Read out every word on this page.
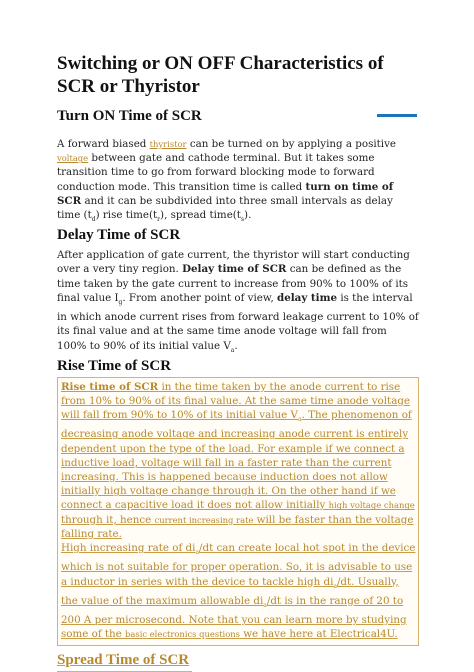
Switching or ON OFF Characteristics of SCR or Thyristor
Turn ON Time of SCR

A forward biased thyristor can be turned on by applying a positive voltage between gate and cathode terminal. But it takes some transition time to go from forward blocking mode to forward conduction mode. This transition time is called turn on time of SCR and it can be subdivided into three small intervals as delay time $(t_d)$ rise $time(t_r)$, spread $time(t_s)$.

Delay Time of SCR

After application of gate current, the thyristor will start conducting over a very tiny region. Delay time of SCR can be defined as the time taken by the gate current to increase from 90% to 100% of its final value $I_g$. From another point of view, delay time is the interval in which anode current rises from forward leakage current to 10% of its final value and at the same time anode voltage will fall from 100% to 90% of its initial value $V_a$.

Rise Time of SCR

Rise time of SCR in the time taken by the anode current to rise from 10% to 90% of its final value. At the same time anode voltage will fall from 90% to 10% of its initial value $V_a$. The phenomenon of decreasing anode voltage and increasing anode current is entirely dependent upon the type of the load. For example if we connect a inductive load, voltage will fall in a faster rate than the current increasing. This is happened because induction does not allow initially high voltage change through it. On the other hand if we connect a capacitive load it does not allow initially high voltage change through it, hence current increasing rate will be faster than the voltage falling rate.

High increasing rate of $di_a/dt$ can create local hot spot in the device which is not suitable for proper operation. So, it is advisable to use a inductor in series with the device to tackle high $di_a/dt$. Usually, the value of the maximum allowable $di_a/dt$ is in the range of 20 to 200 A per microsecond. Note that you can learn more by studying some of the basic electronics questions we have here at Electrical4U.

Spread Time of SCR
